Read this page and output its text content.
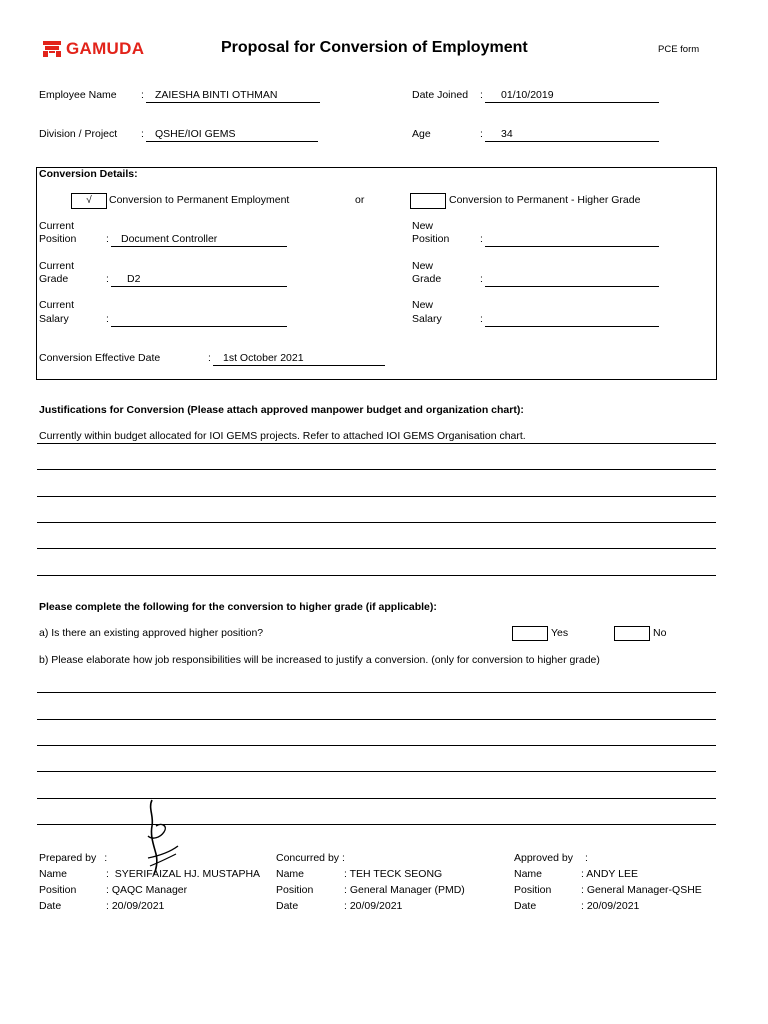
GAMUDA	Proposal for Conversion of Employment	PCE form
Employee Name : ZAIESHA BINTI OTHMAN	Date Joined : 01/10/2019
Division / Project : QSHE/IOI GEMS	Age	: 34
Conversion Details:
√	Conversion to Permanent Employment	or	Conversion to Permanent - Higher Grade
Current
Position	: Document Controller
New
Position	:
Current
Grade	: D2
New
Grade	:
Current
Salary	:
New
Salary	:
Conversion Effective Date	: 1st October 2021
Justifications for Conversion (Please attach approved manpower budget and organization chart):
Currently within budget allocated for IOI GEMS projects. Refer to attached IOI GEMS Organisation chart.
Please complete the following for the conversion to higher grade (if applicable):
a) Is there an existing approved higher position?	Yes	No
b) Please elaborate how job responsibilities will be increased to justify a conversion. (only for conversion to higher grade)
Prepared by :
Name	:  SYERIFAIZAL HJ. MUSTAPHA
Position	: QAQC Manager
Date	: 20/09/2021
Concurred by :
Name	: TEH TECK SEONG
Position	: General Manager (PMD)
Date	: 20/09/2021
Approved by :
Name	: ANDY LEE
Position	: General Manager-QSHE
Date	: 20/09/2021
